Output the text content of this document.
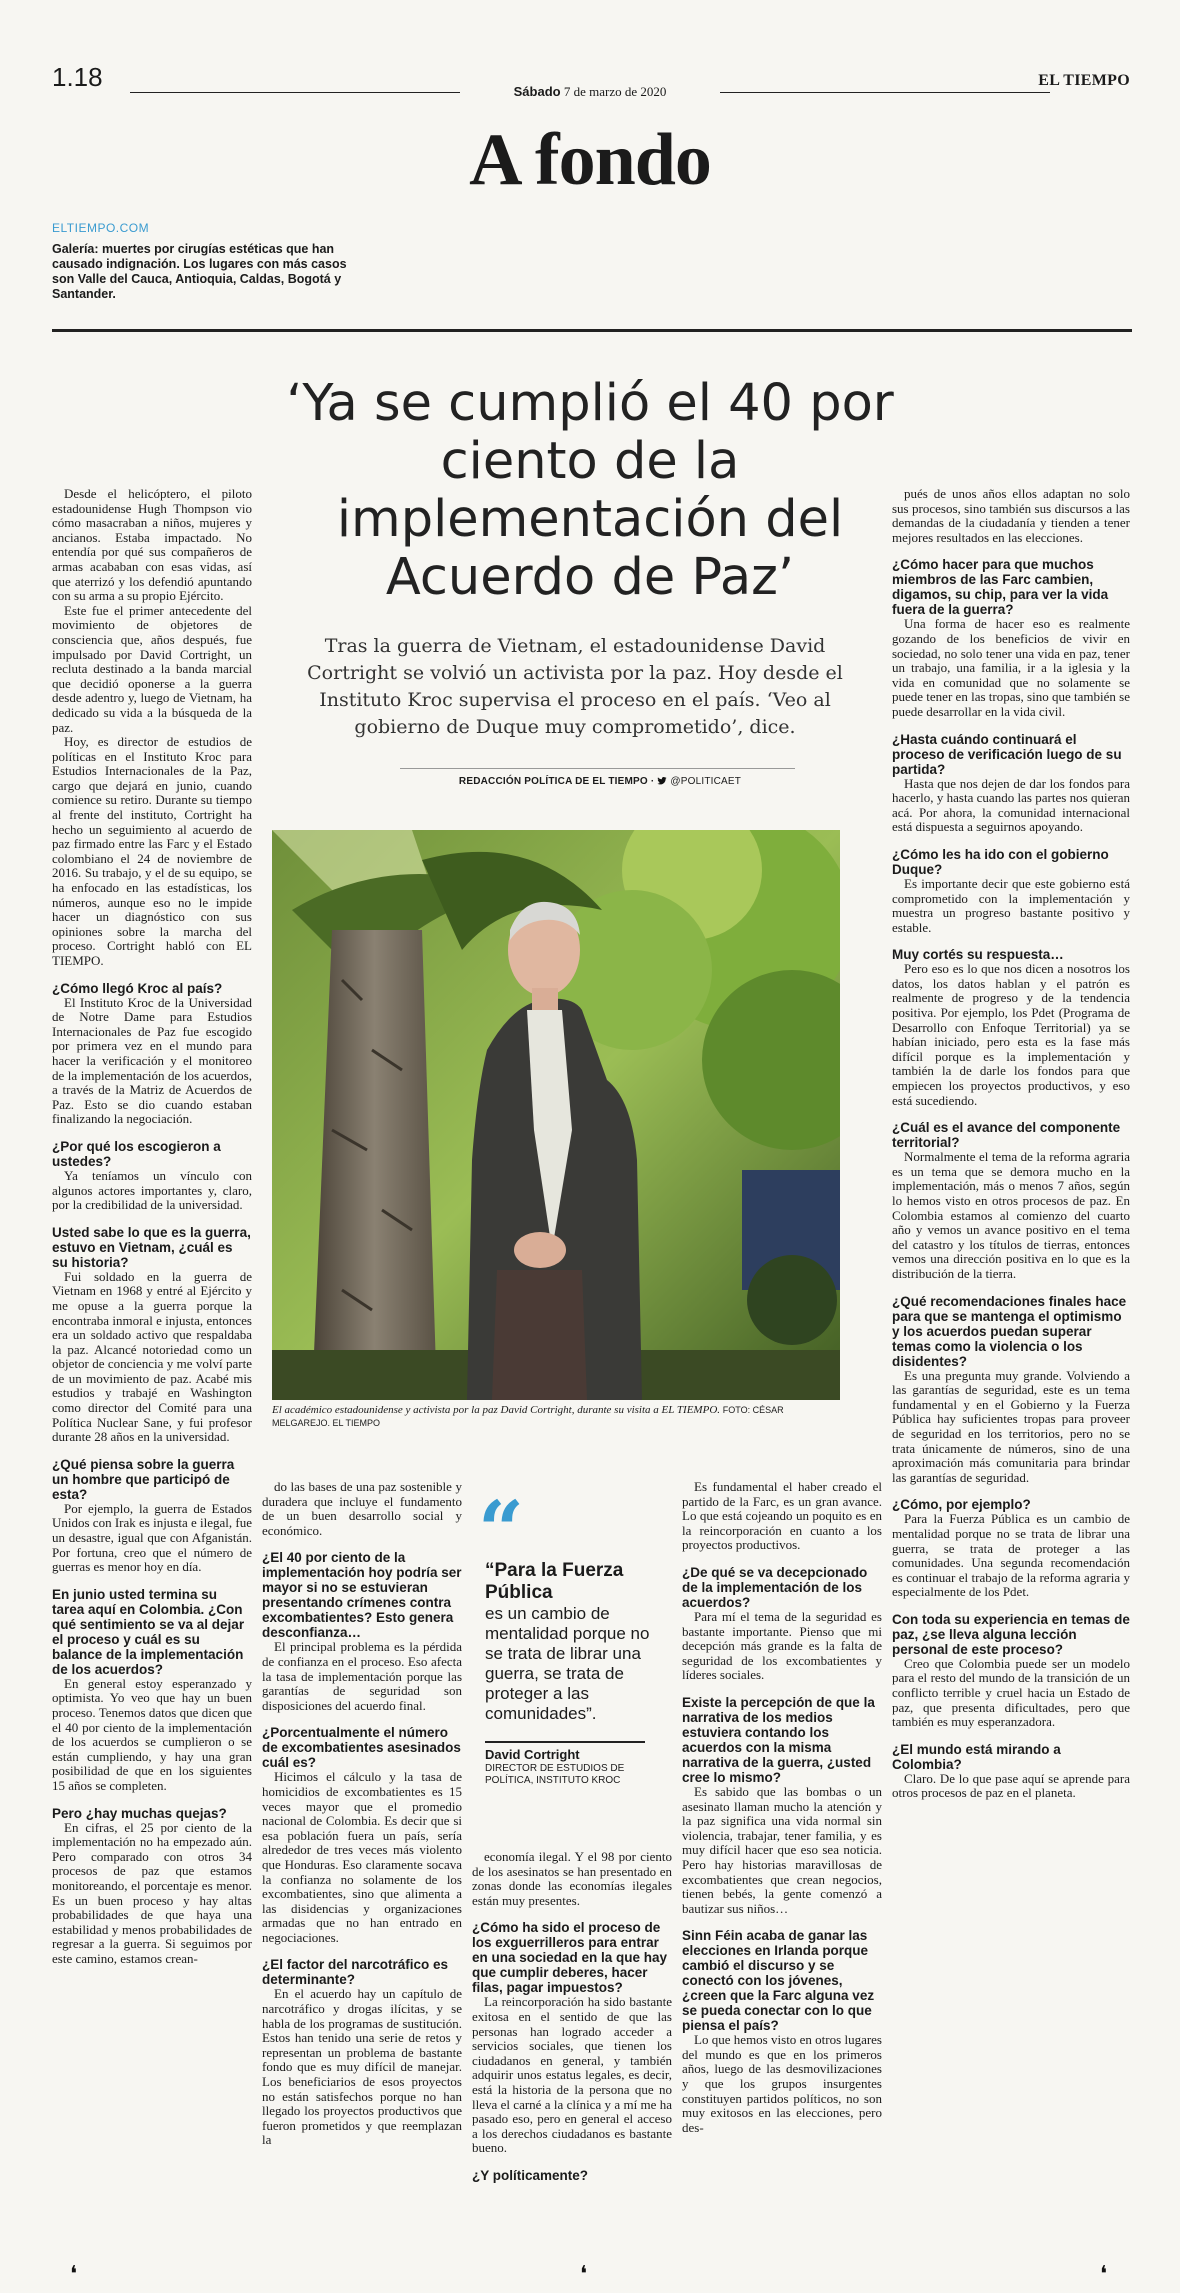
1.18	Sábado 7 de marzo de 2020
EL TIEMPO
A fondo
ELTIEMPO.COM
Galería: muertes por cirugías estéticas que han causado indignación. Los lugares con más casos son Valle del Cauca, Antioquia, Caldas, Bogotá y Santander.
‘Ya se cumplió el 40 por ciento de la implementación del Acuerdo de Paz’
Tras la guerra de Vietnam, el estadounidense David Cortright se volvió un activista por la paz. Hoy desde el Instituto Kroc supervisa el proceso en el país. ‘Veo al gobierno de Duque muy comprometido’, dice.
REDACCIÓN POLÍTICA DE EL TIEMPO · @POLITICAET
El académico estadounidense y activista por la paz David Cortright, durante su visita a EL TIEMPO. FOTO: CÉSAR MELGAREJO. EL TIEMPO

Desde el helicóptero, el piloto estadounidense Hugh Thompson vio cómo masacraban a niños, mujeres y ancianos. Estaba impactado. No entendía por qué sus compañeros de armas acababan con esas vidas, así que aterrizó y los defendió apuntando con su arma a su propio Ejército.

Este fue el primer antecedente del movimiento de objetores de consciencia que, años después, fue impulsado por David Cortright, un recluta destinado a la banda marcial que decidió oponerse a la guerra desde adentro y, luego de Vietnam, ha dedicado su vida a la búsqueda de la paz.

Hoy, es director de estudios de políticas en el Instituto Kroc para Estudios Internacionales de la Paz, cargo que dejará en junio, cuando comience su retiro. Durante su tiempo al frente del instituto, Cortright ha hecho un seguimiento al acuerdo de paz firmado entre las Farc y el Estado colombiano el 24 de noviembre de 2016. Su trabajo, y el de su equipo, se ha enfocado en las estadísticas, los números, aunque eso no le impide hacer un diagnóstico con sus opiniones sobre la marcha del proceso. Cortright habló con EL TIEMPO.

¿Cómo llegó Kroc al país?

El Instituto Kroc de la Universidad de Notre Dame para Estudios Internacionales de Paz fue escogido por primera vez en el mundo para hacer la verificación y el monitoreo de la implementación de los acuerdos, a través de la Matriz de Acuerdos de Paz. Esto se dio cuando estaban finalizando la negociación.

¿Por qué los escogieron a ustedes?

Ya teníamos un vínculo con algunos actores importantes y, claro, por la credibilidad de la universidad.

Usted sabe lo que es la guerra, estuvo en Vietnam, ¿cuál es su historia?

Fui soldado en la guerra de Vietnam en 1968 y entré al Ejército y me opuse a la guerra porque la encontraba inmoral e injusta, entonces era un soldado activo que respaldaba la paz. Alcancé notoriedad como un objetor de conciencia y me volví parte de un movimiento de paz. Acabé mis estudios y trabajé en Washington como director del Comité para una Política Nuclear Sane, y fui profesor durante 28 años en la universidad.

¿Qué piensa sobre la guerra un hombre que participó de esta?

Por ejemplo, la guerra de Estados Unidos con Irak es injusta e ilegal, fue un desastre, igual que con Afganistán. Por fortuna, creo que el número de guerras es menor hoy en día.

En junio usted termina su tarea aquí en Colombia. ¿Con qué sentimiento se va al dejar el proceso y cuál es su balance de la implementación de los acuerdos?

En general estoy esperanzado y optimista. Yo veo que hay un buen proceso. Tenemos datos que dicen que el 40 por ciento de la implementación de los acuerdos se cumplieron o se están cumpliendo, y hay una gran posibilidad de que en los siguientes 15 años se completen.

Pero ¿hay muchas quejas?

En cifras, el 25 por ciento de la implementación no ha empezado aún. Pero comparado con otros 34 procesos de paz que estamos monitoreando, el porcentaje es menor. Es un buen proceso y hay altas probabilidades de que haya una estabilidad y menos probabilidades de regresar a la guerra. Si seguimos por este camino, estamos crean-

do las bases de una paz sostenible y duradera que incluye el fundamento de un buen desarrollo social y económico.

¿El 40 por ciento de la implementación hoy podría ser mayor si no se estuvieran presentando crímenes contra excombatientes? Esto genera desconfianza…

El principal problema es la pérdida de confianza en el proceso. Eso afecta la tasa de implementación porque las garantías de seguridad son disposiciones del acuerdo final.

¿Porcentualmente el número de excombatientes asesinados cuál es?

Hicimos el cálculo y la tasa de homicidios de excombatientes es 15 veces mayor que el promedio nacional de Colombia. Es decir que si esa población fuera un país, sería alrededor de tres veces más violento que Honduras. Eso claramente socava la confianza no solamente de los excombatientes, sino que alimenta a las disidencias y organizaciones armadas que no han entrado en negociaciones.

¿El factor del narcotráfico es determinante?

En el acuerdo hay un capítulo de narcotráfico y drogas ilícitas, y se habla de los programas de sustitución. Estos han tenido una serie de retos y representan un problema de bastante fondo que es muy difícil de manejar. Los beneficiarios de esos proyectos no están satisfechos porque no han llegado los proyectos productivos que fueron prometidos y que reemplazan la

economía ilegal. Y el 98 por ciento de los asesinatos se han presentado en zonas donde las economías ilegales están muy presentes.

¿Cómo ha sido el proceso de los exguerrilleros para entrar en una sociedad en la que hay que cumplir deberes, hacer filas, pagar impuestos?

La reincorporación ha sido bastante exitosa en el sentido de que las personas han logrado acceder a servicios sociales, que tienen los ciudadanos en general, y también adquirir unos estatus legales, es decir, está la historia de la persona que no lleva el carné a la clínica y a mí me ha pasado eso, pero en general el acceso a los derechos ciudadanos es bastante bueno.

¿Y políticamente?

Es fundamental el haber creado el partido de la Farc, es un gran avance. Lo que está cojeando un poquito es en la reincorporación en cuanto a los proyectos productivos.

¿De qué se va decepcionado de la implementación de los acuerdos?

Para mí el tema de la seguridad es bastante importante. Pienso que mi decepción más grande es la falta de seguridad de los excombatientes y líderes sociales.

Existe la percepción de que la narrativa de los medios estuviera contando los acuerdos con la misma narrativa de la guerra, ¿usted cree lo mismo?

Es sabido que las bombas o un asesinato llaman mucho la atención y la paz significa una vida normal sin violencia, trabajar, tener familia, y es muy difícil hacer que eso sea noticia. Pero hay historias maravillosas de excombatientes que crean negocios, tienen bebés, la gente comenzó a bautizar sus niños…

Sinn Féin acaba de ganar las elecciones en Irlanda porque cambió el discurso y se conectó con los jóvenes, ¿creen que la Farc alguna vez se pueda conectar con lo que piensa el país?

Lo que hemos visto en otros lugares del mundo es que en los primeros años, luego de las desmovilizaciones y que los grupos insurgentes constituyen partidos políticos, no son muy exitosos en las elecciones, pero des-

pués de unos años ellos adaptan no solo sus procesos, sino también sus discursos a las demandas de la ciudadanía y tienden a tener mejores resultados en las elecciones.

¿Cómo hacer para que muchos miembros de las Farc cambien, digamos, su chip, para ver la vida fuera de la guerra?

Una forma de hacer eso es realmente gozando de los beneficios de vivir en sociedad, no solo tener una vida en paz, tener un trabajo, una familia, ir a la iglesia y la vida en comunidad que no solamente se puede tener en las tropas, sino que también se puede desarrollar en la vida civil.

¿Hasta cuándo continuará el proceso de verificación luego de su partida?

Hasta que nos dejen de dar los fondos para hacerlo, y hasta cuando las partes nos quieran acá. Por ahora, la comunidad internacional está dispuesta a seguirnos apoyando.

¿Cómo les ha ido con el gobierno Duque?

Es importante decir que este gobierno está comprometido con la implementación y muestra un progreso bastante positivo y estable.

Muy cortés su respuesta…

Pero eso es lo que nos dicen a nosotros los datos, los datos hablan y el patrón es realmente de progreso y de la tendencia positiva. Por ejemplo, los Pdet (Programa de Desarrollo con Enfoque Territorial) ya se habían iniciado, pero esta es la fase más difícil porque es la implementación y también la de darle los fondos para que empiecen los proyectos productivos, y eso está sucediendo.

¿Cuál es el avance del componente territorial?

Normalmente el tema de la reforma agraria es un tema que se demora mucho en la implementación, más o menos 7 años, según lo hemos visto en otros procesos de paz. En Colombia estamos al comienzo del cuarto año y vemos un avance positivo en el tema del catastro y los títulos de tierras, entonces vemos una dirección positiva en lo que es la distribución de la tierra.

¿Qué recomendaciones finales hace para que se mantenga el optimismo y los acuerdos puedan superar temas como la violencia o los disidentes?

Es una pregunta muy grande. Volviendo a las garantías de seguridad, este es un tema fundamental y en el Gobierno y la Fuerza Pública hay suficientes tropas para proveer de seguridad en los territorios, pero no se trata únicamente de números, sino de una aproximación más comunitaria para brindar las garantías de seguridad.

¿Cómo, por ejemplo?

Para la Fuerza Pública es un cambio de mentalidad porque no se trata de librar una guerra, se trata de proteger a las comunidades. Una segunda recomendación es continuar el trabajo de la reforma agraria y especialmente de los Pdet.

Con toda su experiencia en temas de paz, ¿se lleva alguna lección personal de este proceso?

Creo que Colombia puede ser un modelo para el resto del mundo de la transición de un conflicto terrible y cruel hacia un Estado de paz, que presenta dificultades, pero que también es muy esperanzadora.

¿El mundo está mirando a Colombia?

Claro. De lo que pase aquí se aprende para otros procesos de paz en el planeta.

“
“Para la Fuerza Pública
es un cambio de mentalidad porque no se trata de librar una guerra, se trata de proteger a las comunidades”.
David Cortright
DIRECTOR DE ESTUDIOS DE POLÍTICA, INSTITUTO KROC
❛	❛	❛
